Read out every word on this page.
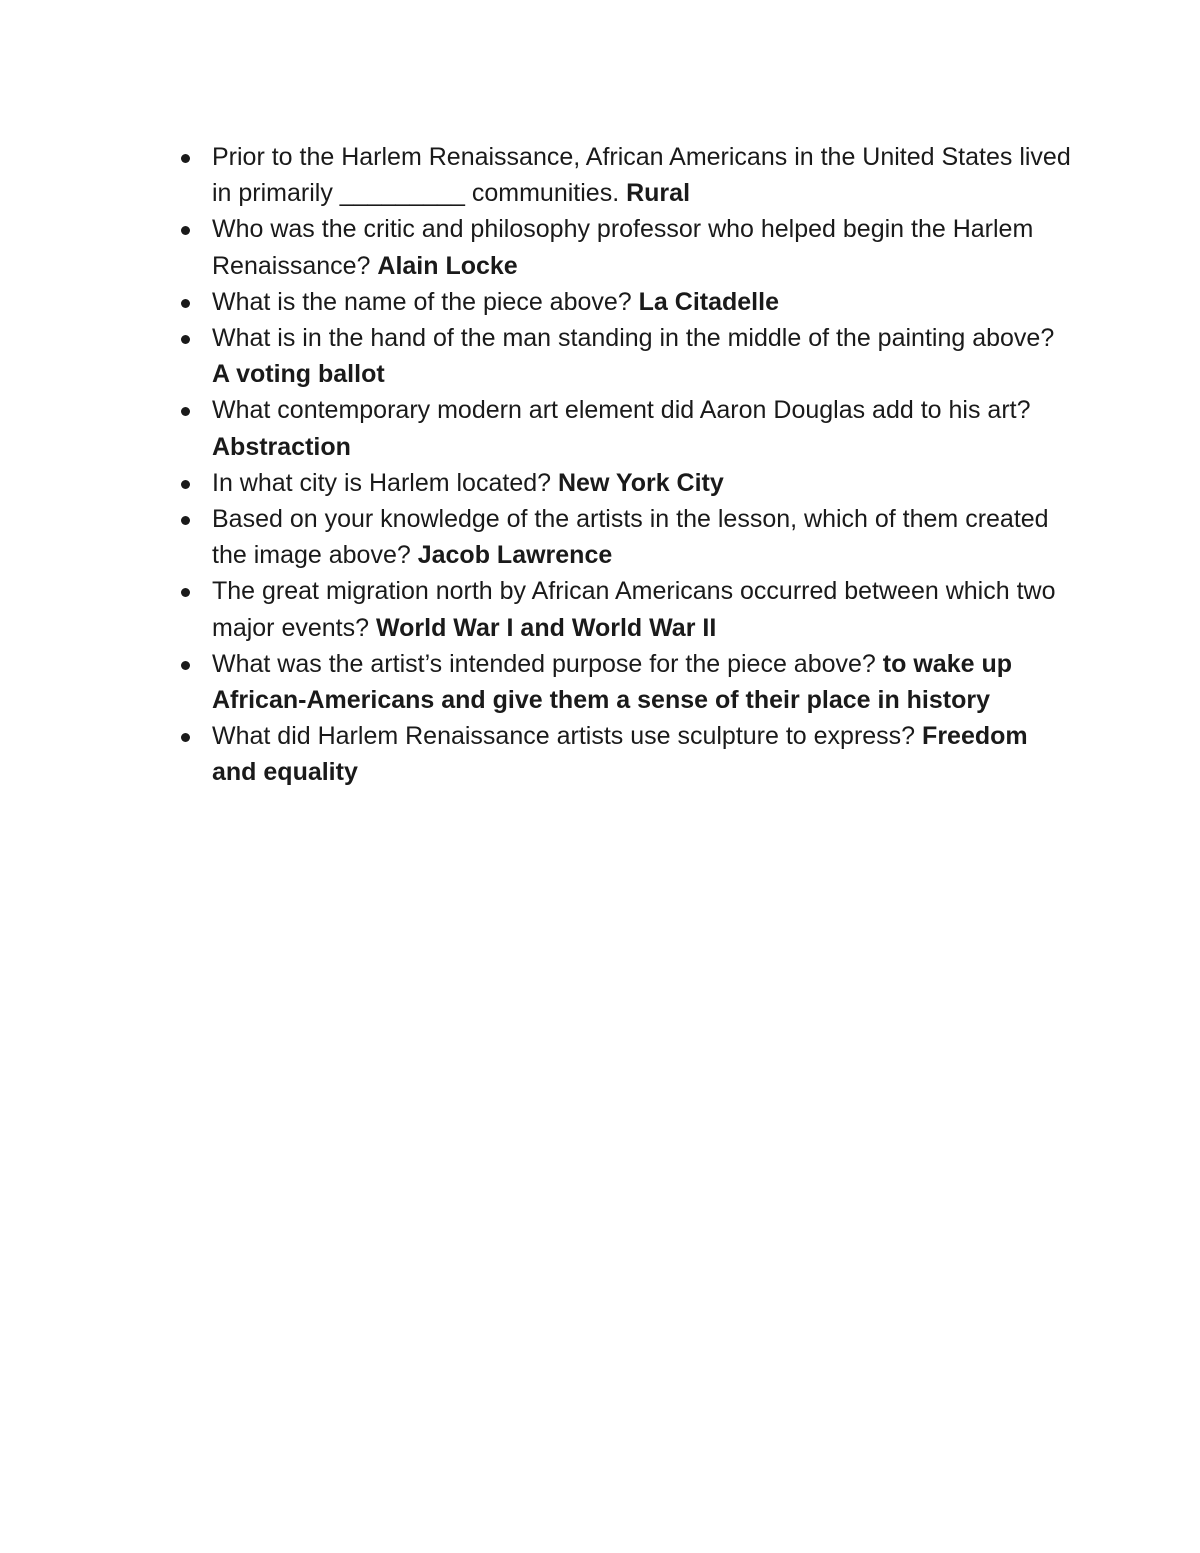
Prior to the Harlem Renaissance, African Americans in the United States lived in primarily _________ communities. Rural
Who was the critic and philosophy professor who helped begin the Harlem Renaissance? Alain Locke
What is the name of the piece above? La Citadelle
What is in the hand of the man standing in the middle of the painting above? A voting ballot
What contemporary modern art element did Aaron Douglas add to his art? Abstraction
In what city is Harlem located? New York City
Based on your knowledge of the artists in the lesson, which of them created the image above? Jacob Lawrence
The great migration north by African Americans occurred between which two major events? World War I and World War II
What was the artist’s intended purpose for the piece above? to wake up African-Americans and give them a sense of their place in history
What did Harlem Renaissance artists use sculpture to express? Freedom and equality
